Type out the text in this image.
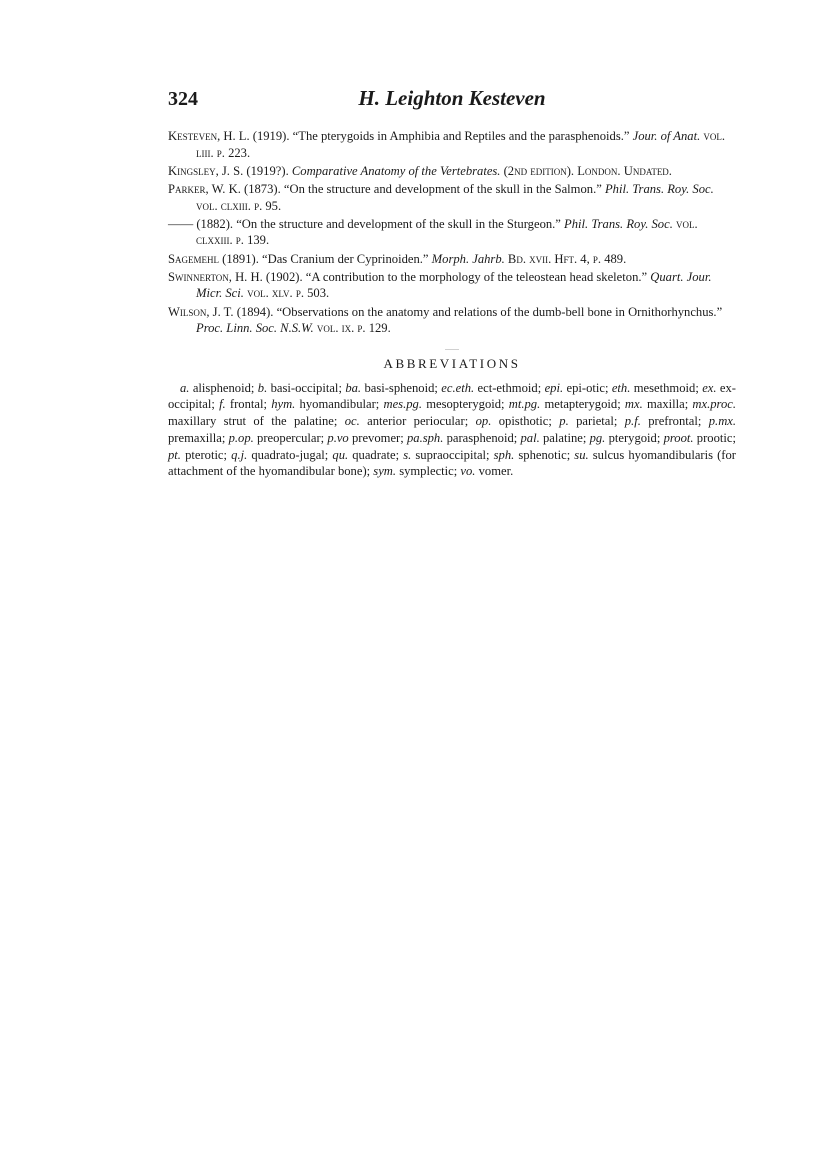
324	H. Leighton Kesteven
Kesteven, H. L. (1919). “The pterygoids in Amphibia and Reptiles and the parasphenoids.” Jour. of Anat. vol. liii. p. 223.
Kingsley, J. S. (1919?). Comparative Anatomy of the Vertebrates. (2nd edition). London. Undated.
Parker, W. K. (1873). “On the structure and development of the skull in the Salmon.” Phil. Trans. Roy. Soc. vol. clxiii. p. 95.
—— (1882). “On the structure and development of the skull in the Sturgeon.” Phil. Trans. Roy. Soc. vol. clxxiii. p. 139.
Sagemehl (1891). “Das Cranium der Cyprinoiden.” Morph. Jahrb. Bd. xvii. Hft. 4, p. 489.
Swinnerton, H. H. (1902). “A contribution to the morphology of the teleostean head skeleton.” Quart. Jour. Micr. Sci. vol. xlv. p. 503.
Wilson, J. T. (1894). “Observations on the anatomy and relations of the dumb-bell bone in Ornithorhynchus.” Proc. Linn. Soc. N.S.W. vol. ix. p. 129.
ABBREVIATIONS
a. alisphenoid; b. basi-occipital; ba. basi-sphenoid; ec.eth. ect-ethmoid; epi. epi-otic; eth. mesethmoid; ex. ex-occipital; f. frontal; hym. hyomandibular; mes.pg. mesopterygoid; mt.pg. metapterygoid; mx. maxilla; mx.proc. maxillary strut of the palatine; oc. anterior periocular; op. opisthotic; p. parietal; p.f. prefrontal; p.mx. premaxilla; p.op. preopercular; p.vo prevomer; pa.sph. parasphenoid; pal. palatine; pg. pterygoid; proot. prootic; pt. pterotic; q.j. quadrato-jugal; qu. quadrate; s. supraoccipital; sph. sphenotic; su. sulcus hyomandibularis (for attachment of the hyomandibular bone); sym. symplectic; vo. vomer.
